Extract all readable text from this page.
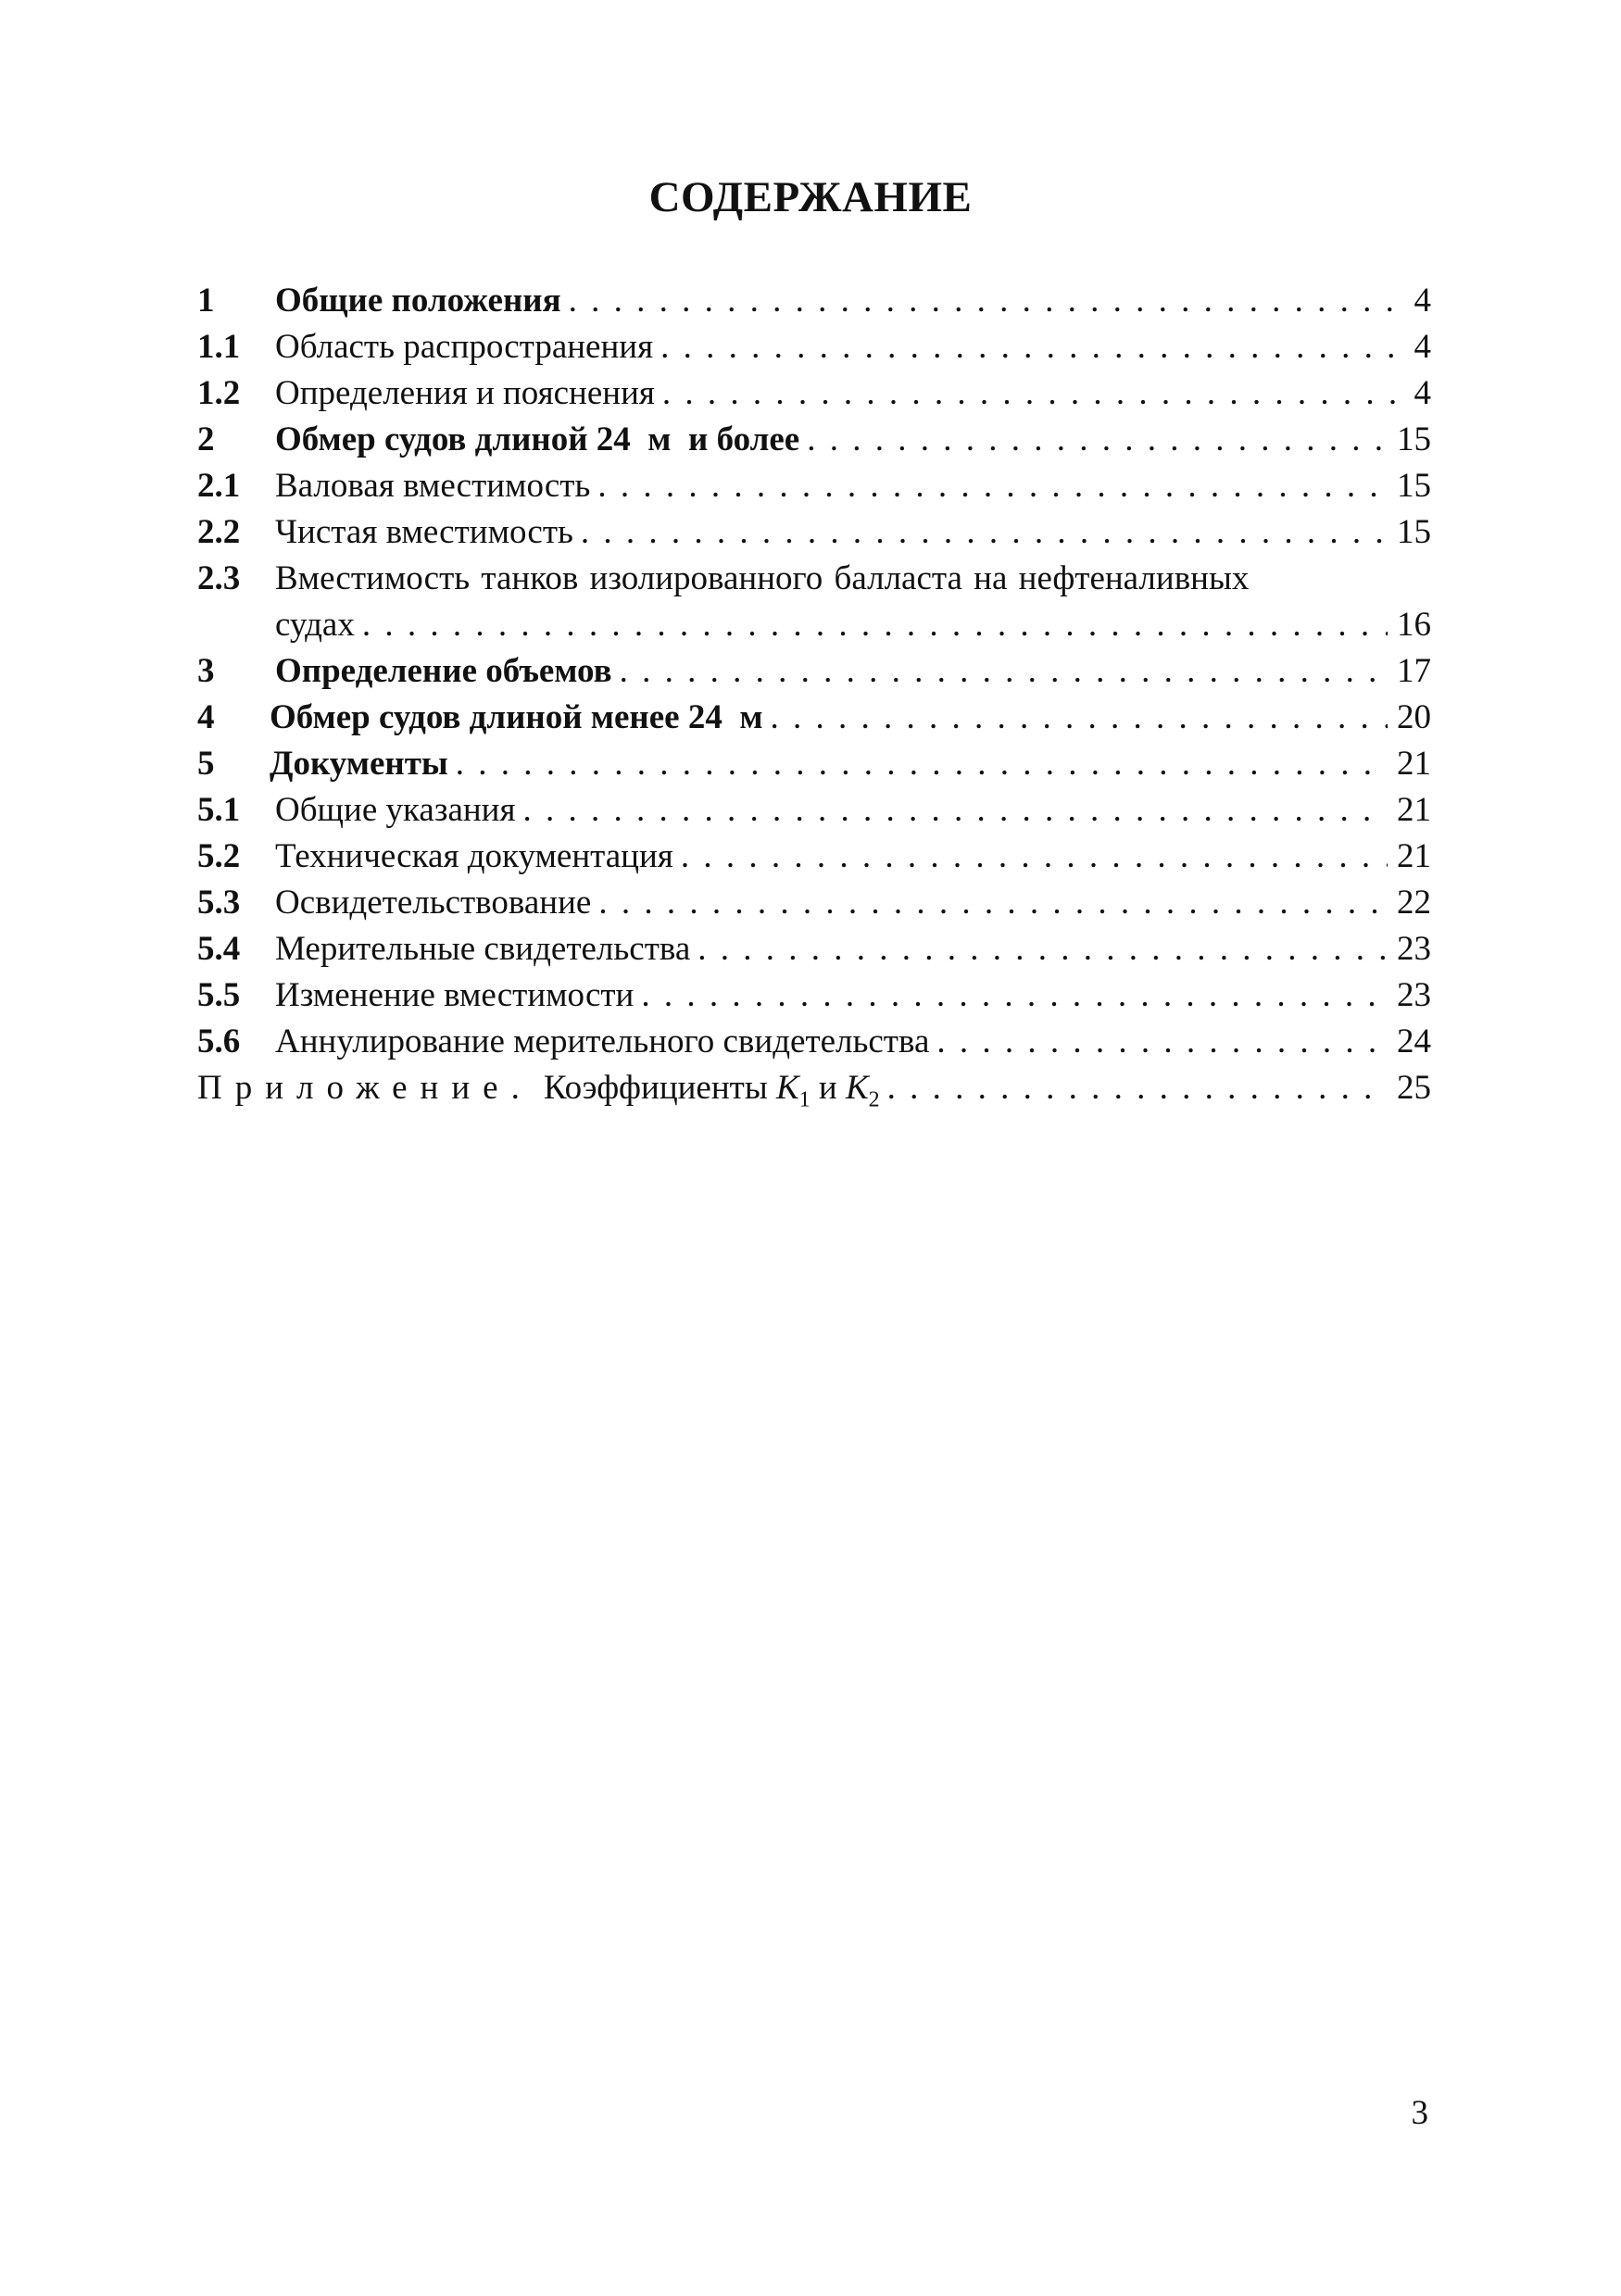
СОДЕРЖАНИЕ
1	Общие положения . . .	4
1.1	Область распространения . . .	4
1.2	Определения и пояснения . . .	4
2	Обмер судов длиной 24  м  и более . . .	15
2.1	Валовая вместимость . . .	15
2.2	Чистая вместимость . . .	15
2.3	Вместимость танков изолированного балласта на нефтеналивных
судах . . .	16
3	Определение объемов . . .	17
4	Обмер судов длиной менее 24  м . . .	20
5	Документы . . .	21
5.1	Общие указания . . .	21
5.2	Техническая документация . . .	21
5.3	Освидетельствование . . .	22
5.4	Мерительные свидетельства . . .	23
5.5	Изменение вместимости . . .	23
5.6	Аннулирование мерительного свидетельства . . .	24
Приложение. Коэффициенты $K_1$ и $K_2$ . . .	25
3
